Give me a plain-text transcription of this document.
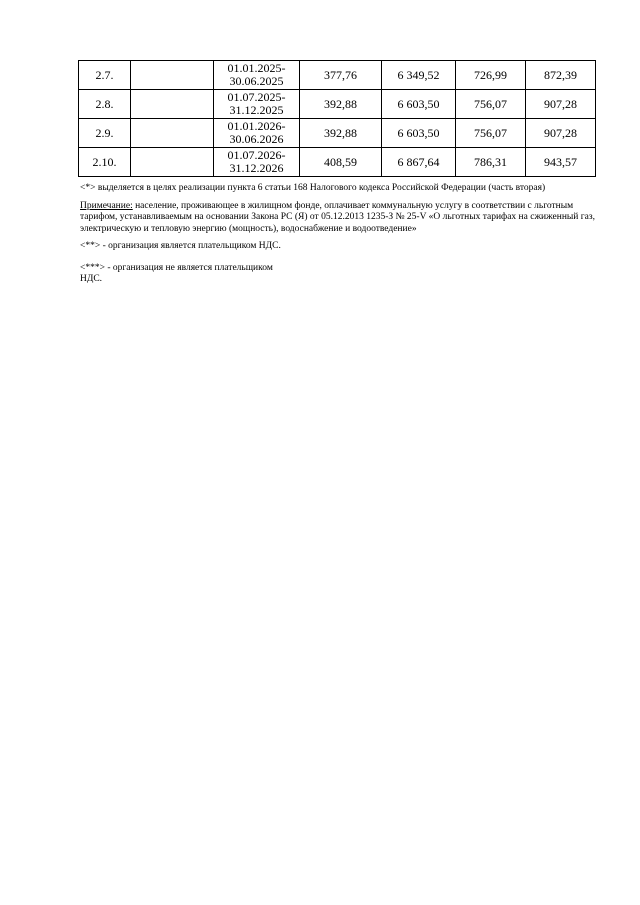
2.7.		01.01.2025-
30.06.2025	377,76	6 349,52	726,99	872,39
2.8.		01.07.2025-
31.12.2025	392,88	6 603,50	756,07	907,28
2.9.		01.01.2026-
30.06.2026	392,88	6 603,50	756,07	907,28
2.10.		01.07.2026-
31.12.2026	408,59	6 867,64	786,31	943,57

<*> выделяется в целях реализации пункта 6 статьи 168 Налогового кодекса Российской Федерации (часть вторая)

Примечание: население, проживающее в жилищном фонде, оплачивает коммунальную услугу в соответствии с льготным тарифом, устанавливаемым на основании Закона РС (Я) от 05.12.2013 1235-З № 25-V «О льготных тарифах на сжиженный газ, электрическую и тепловую энергию (мощность), водоснабжение и водоотведение»

<**> - организация является плательщиком НДС.

<***> - организация не является плательщиком НДС.
